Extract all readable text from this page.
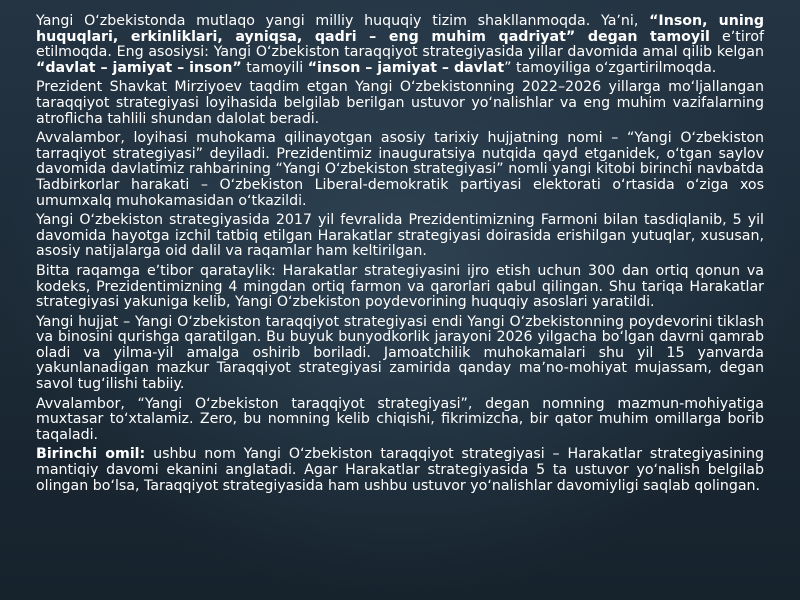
Yangi Oʻzbekistonda mutlaqo yangi milliy huquqiy tizim shakllanmoqda. Yaʼni, “Inson, uning huquqlari, erkinliklari, ayniqsa, qadri – eng muhim qadriyat” degan tamoyil eʼtirof etilmoqda. Eng asosiysi: Yangi Oʻzbekiston taraqqiyot strategiyasida yillar davomida amal qilib kelgan “davlat – jamiyat – inson” tamoyili “inson – jamiyat – davlat” tamoyiliga oʻzgartirilmoqda.
Prezident Shavkat Mirziyoev taqdim etgan Yangi Oʻzbekistonning 2022–2026 yillarga moʻljallangan taraqqiyot strategiyasi loyihasida belgilab berilgan ustuvor yoʻnalishlar va eng muhim vazifalarning atroflicha tahlili shundan dalolat beradi.
Avvalambor, loyihasi muhokama qilinayotgan asosiy tarixiy hujjatning nomi – “Yangi Oʻzbekiston tarraqiyot strategiyasi” deyiladi. Prezidentimiz inauguratsiya nutqida qayd etganidek, oʻtgan saylov davomida davlatimiz rahbarining “Yangi Oʻzbekiston strategiyasi” nomli yangi kitobi birinchi navbatda Tadbirkorlar harakati – Oʻzbekiston Liberal-demokratik partiyasi elektorati oʻrtasida oʻziga xos umumxalq muhokamasidan oʻtkazildi.
Yangi Oʻzbekiston strategiyasida 2017 yil fevralida Prezidentimizning Farmoni bilan tasdiqlanib, 5 yil davomida hayotga izchil tatbiq etilgan Harakatlar strategiyasi doirasida erishilgan yutuqlar, xususan, asosiy natijalarga oid dalil va raqamlar ham keltirilgan.
Bitta raqamga eʼtibor qarataylik: Harakatlar strategiyasini ijro etish uchun 300 dan ortiq qonun va kodeks, Prezidentimizning 4 mingdan ortiq farmon va qarorlari qabul qilingan. Shu tariqa Harakatlar strategiyasi yakuniga kelib, Yangi Oʻzbekiston poydevorining huquqiy asoslari yaratildi.
Yangi hujjat – Yangi Oʻzbekiston taraqqiyot strategiyasi endi Yangi Oʻzbekistonning poydevorini tiklash va binosini qurishga qaratilgan. Bu buyuk bunyodkorlik jarayoni 2026 yilgacha boʻlgan davrni qamrab oladi va yilma-yil amalga oshirib boriladi. Jamoatchilik muhokamalari shu yil 15 yanvarda yakunlanadigan mazkur Taraqqiyot strategiyasi zamirida qanday maʼno-mohiyat mujassam, degan savol tugʻilishi tabiiy.
Avvalambor, “Yangi Oʻzbekiston taraqqiyot strategiyasi”, degan nomning mazmun-mohiyatiga muxtasar toʻxtalamiz. Zero, bu nomning kelib chiqishi, fikrimizcha, bir qator muhim omillarga borib taqaladi.
Birinchi omil: ushbu nom Yangi Oʻzbekiston taraqqiyot strategiyasi – Harakatlar strategiyasining mantiqiy davomi ekanini anglatadi. Agar Harakatlar strategiyasida 5 ta ustuvor yoʻnalish belgilab olingan boʻlsa, Taraqqiyot strategiyasida ham ushbu ustuvor yoʻnalishlar davomiyligi saqlab qolingan.
